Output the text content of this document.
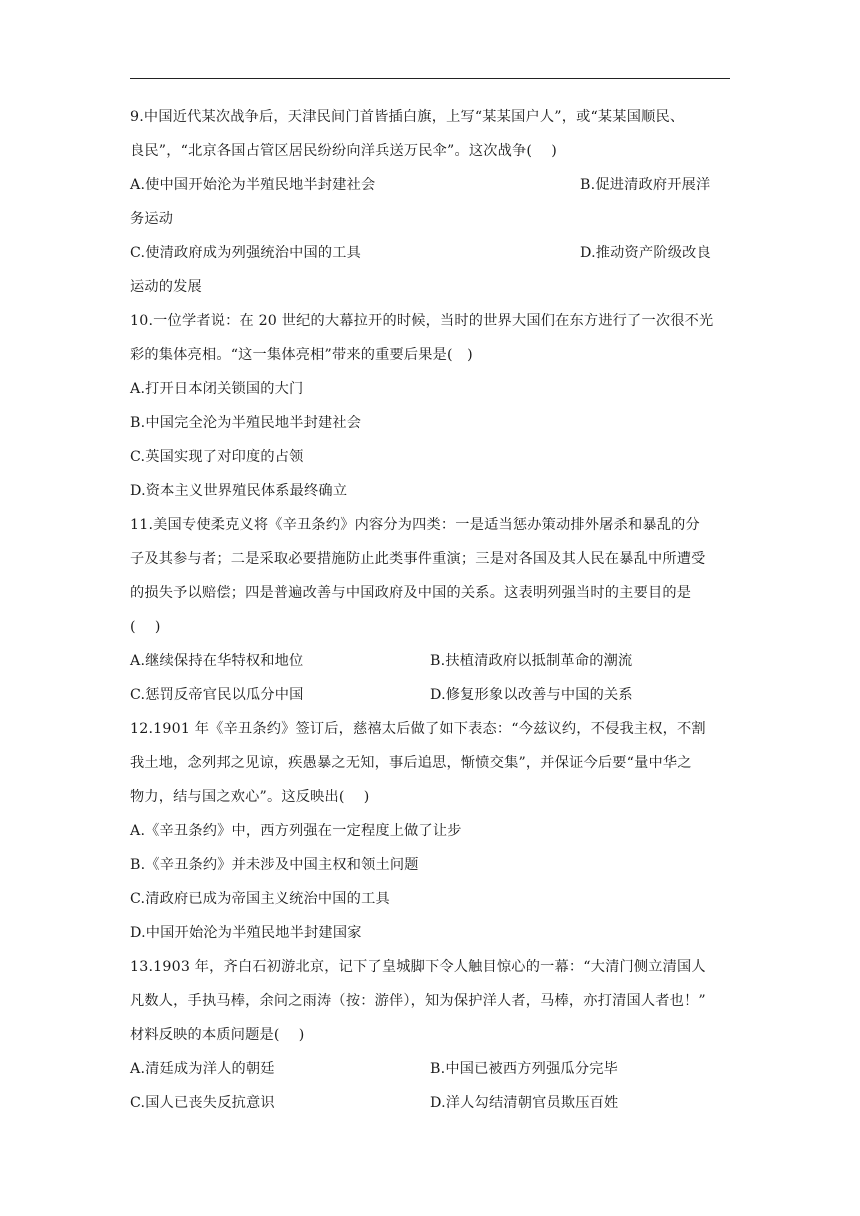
9.中国近代某次战争后，天津民间门首皆插白旗，上写“某某国户人”，或“某某国顺民、
良民”，“北京各国占管区居民纷纷向洋兵送万民伞”。这次战争(　 )
A.使中国开始沦为半殖民地半封建社会	B.促进清政府开展洋
务运动
C.使清政府成为列强统治中国的工具	D.推动资产阶级改良
运动的发展
10.一位学者说：在 20 世纪的大幕拉开的时候，当时的世界大国们在东方进行了一次很不光
彩的集体亮相。“这一集体亮相”带来的重要后果是(　)
A.打开日本闭关锁国的大门
B.中国完全沦为半殖民地半封建社会
C.英国实现了对印度的占领
D.资本主义世界殖民体系最终确立
11.美国专使柔克义将《辛丑条约》内容分为四类：一是适当惩办策动排外屠杀和暴乱的分
子及其参与者；二是采取必要措施防止此类事件重演；三是对各国及其人民在暴乱中所遭受
的损失予以赔偿；四是普遍改善与中国政府及中国的关系。这表明列强当时的主要目的是
(　 )
A.继续保持在华特权和地位	B.扶植清政府以抵制革命的潮流
C.惩罚反帝官民以瓜分中国	D.修复形象以改善与中国的关系
12.1901 年《辛丑条约》签订后，慈禧太后做了如下表态：“今兹议约，不侵我主权，不割
我土地，念列邦之见谅，疾愚暴之无知，事后追思，惭愤交集”，并保证今后要“量中华之
物力，结与国之欢心”。这反映出(　 )
A.《辛丑条约》中，西方列强在一定程度上做了让步
B.《辛丑条约》并未涉及中国主权和领土问题
C.清政府已成为帝国主义统治中国的工具
D.中国开始沦为半殖民地半封建国家
13.1903 年，齐白石初游北京，记下了皇城脚下令人触目惊心的一幕：“大清门侧立清国人
凡数人，手执马棒，余问之雨涛（按：游伴），知为保护洋人者，马棒，亦打清国人者也！”
材料反映的本质问题是(　 )
A.清廷成为洋人的朝廷	B.中国已被西方列强瓜分完毕
C.国人已丧失反抗意识	D.洋人勾结清朝官员欺压百姓
